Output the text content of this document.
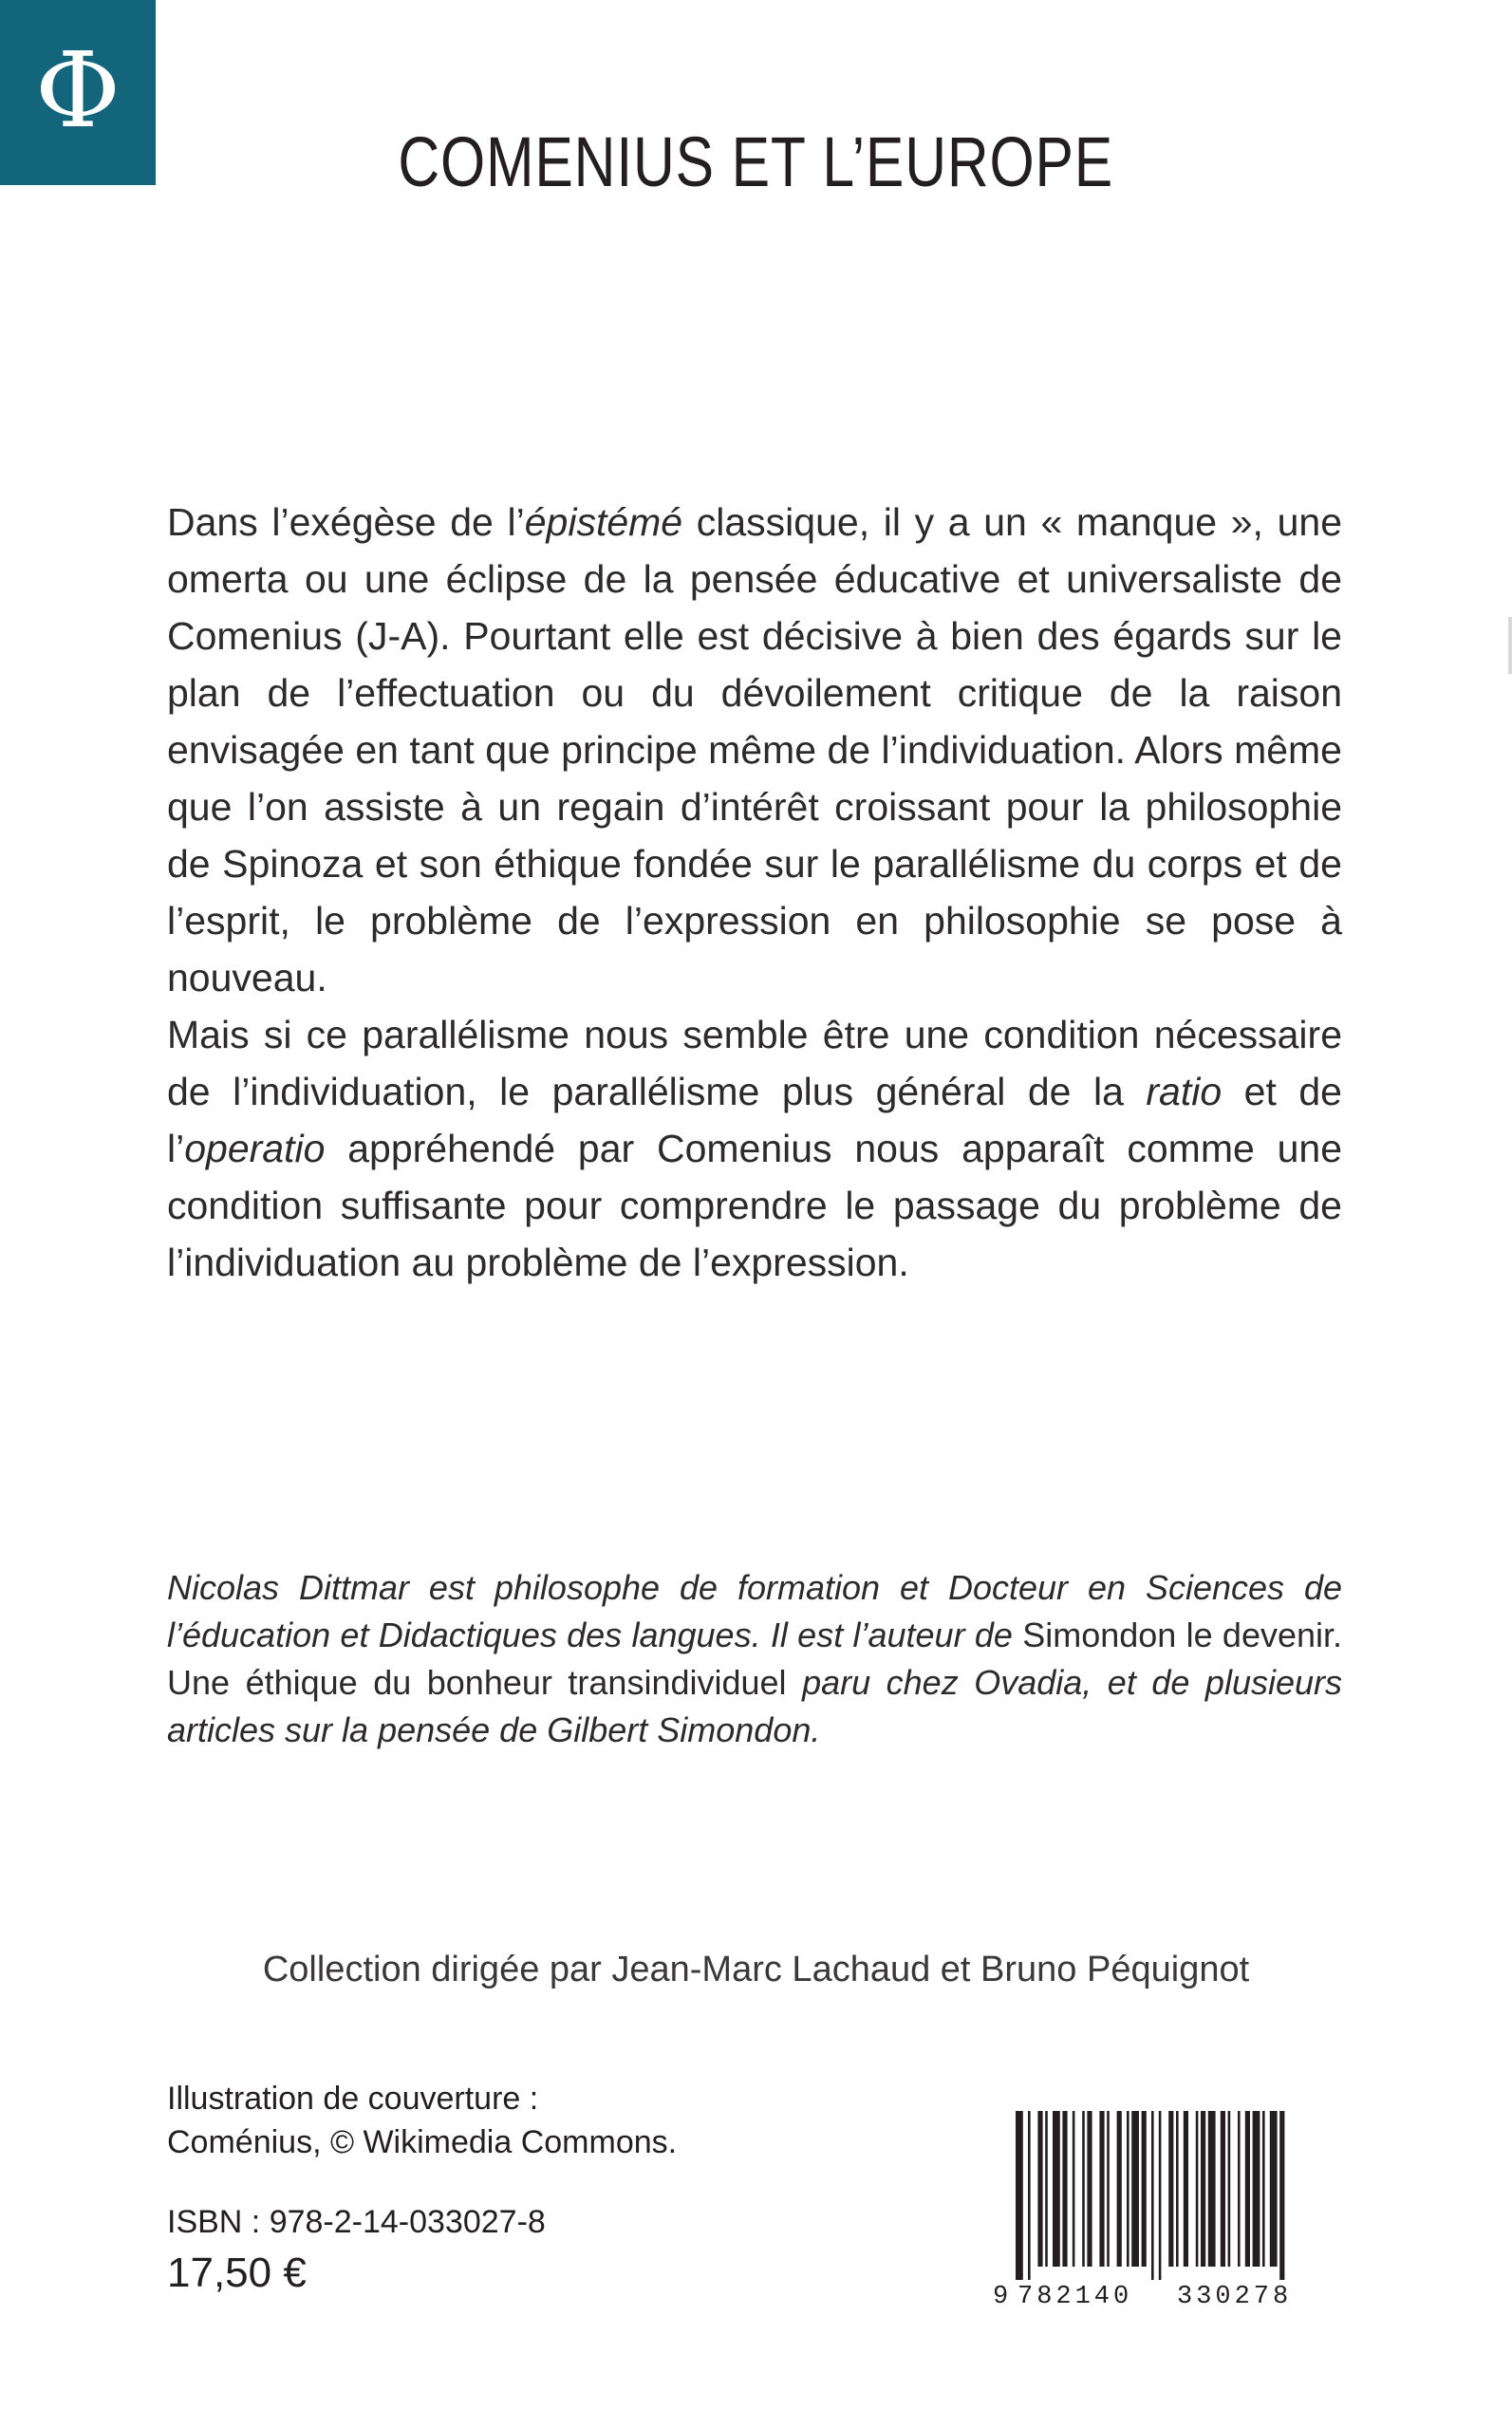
Φ
COMENIUS ET L’EUROPE

Dans l’exégèse de l’épistémé classique, il y a un « manque », une omerta ou une éclipse de la pensée éducative et universaliste de Comenius (J-A). Pourtant elle est décisive à bien des égards sur le plan de l’effectuation ou du dévoilement critique de la raison envisagée en tant que principe même de l’individuation. Alors même que l’on assiste à un regain d’intérêt croissant pour la philosophie de Spinoza et son éthique fondée sur le parallélisme du corps et de l’esprit, le problème de l’expression en philosophie se pose à nouveau.

Mais si ce parallélisme nous semble être une condition nécessaire de l’individuation, le parallélisme plus général de la ratio et de l’operatio appréhendé par Comenius nous apparaît comme une condition suffisante pour comprendre le passage du problème de l’individuation au problème de l’expression.

Nicolas Dittmar est philosophe de formation et Docteur en Sciences de l’éducation et Didactiques des langues. Il est l’auteur de Simondon le devenir. Une éthique du bonheur transindividuel paru chez Ovadia, et de plusieurs articles sur la pensée de Gilbert Simondon.

Collection dirigée par Jean-Marc Lachaud et Bruno Péquignot
Illustration de couverture :
Coménius, © Wikimedia Commons.
ISBN : 978-2-14-033027-8
17,50 €
9 782140 330278
